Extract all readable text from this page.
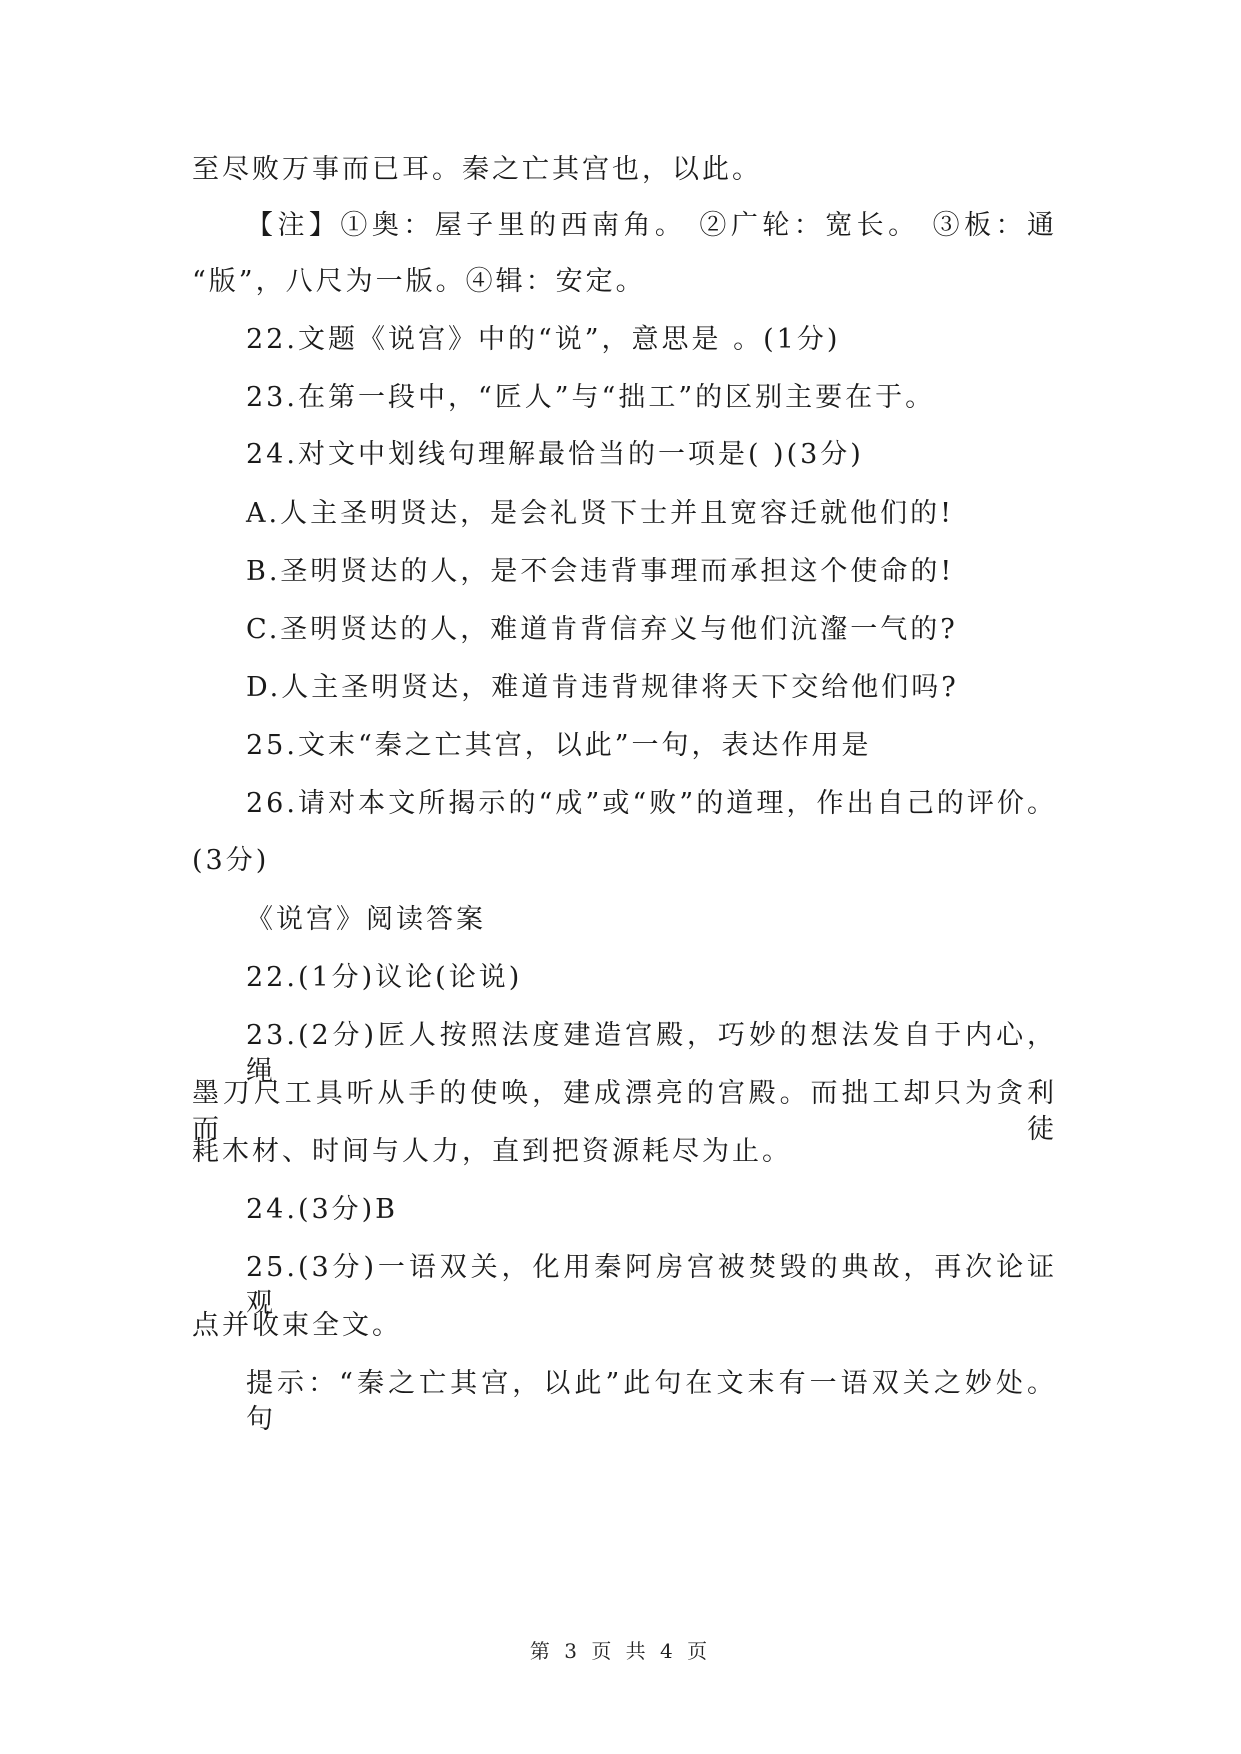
至尽败万事而已耳。秦之亡其宫也，以此。
【注】①奥：屋子里的西南角。 ②广轮：宽长。 ③板：通
“版”，八尺为一版。④辑：安定。
22.文题《说宫》中的“说”，意思是 。(1分)
23.在第一段中，“匠人”与“拙工”的区别主要在于。
24.对文中划线句理解最恰当的一项是( )(3分)
A.人主圣明贤达，是会礼贤下士并且宽容迁就他们的!
B.圣明贤达的人，是不会违背事理而承担这个使命的!
C.圣明贤达的人，难道肯背信弃义与他们沆瀣一气的?
D.人主圣明贤达，难道肯违背规律将天下交给他们吗?
25.文末“秦之亡其宫，以此”一句，表达作用是
26.请对本文所揭示的“成”或“败”的道理，作出自己的评价。
(3分)
《说宫》阅读答案
22.(1分)议论(论说)
23.(2分)匠人按照法度建造宫殿，巧妙的想法发自于内心，绳
墨刀尺工具听从手的使唤，建成漂亮的宫殿。而拙工却只为贪利而徒
耗木材、时间与人力，直到把资源耗尽为止。
24.(3分)B
25.(3分)一语双关，化用秦阿房宫被焚毁的典故，再次论证观
点并收束全文。
提示：“秦之亡其宫，以此”此句在文末有一语双关之妙处。句
第 3 页 共 4 页
